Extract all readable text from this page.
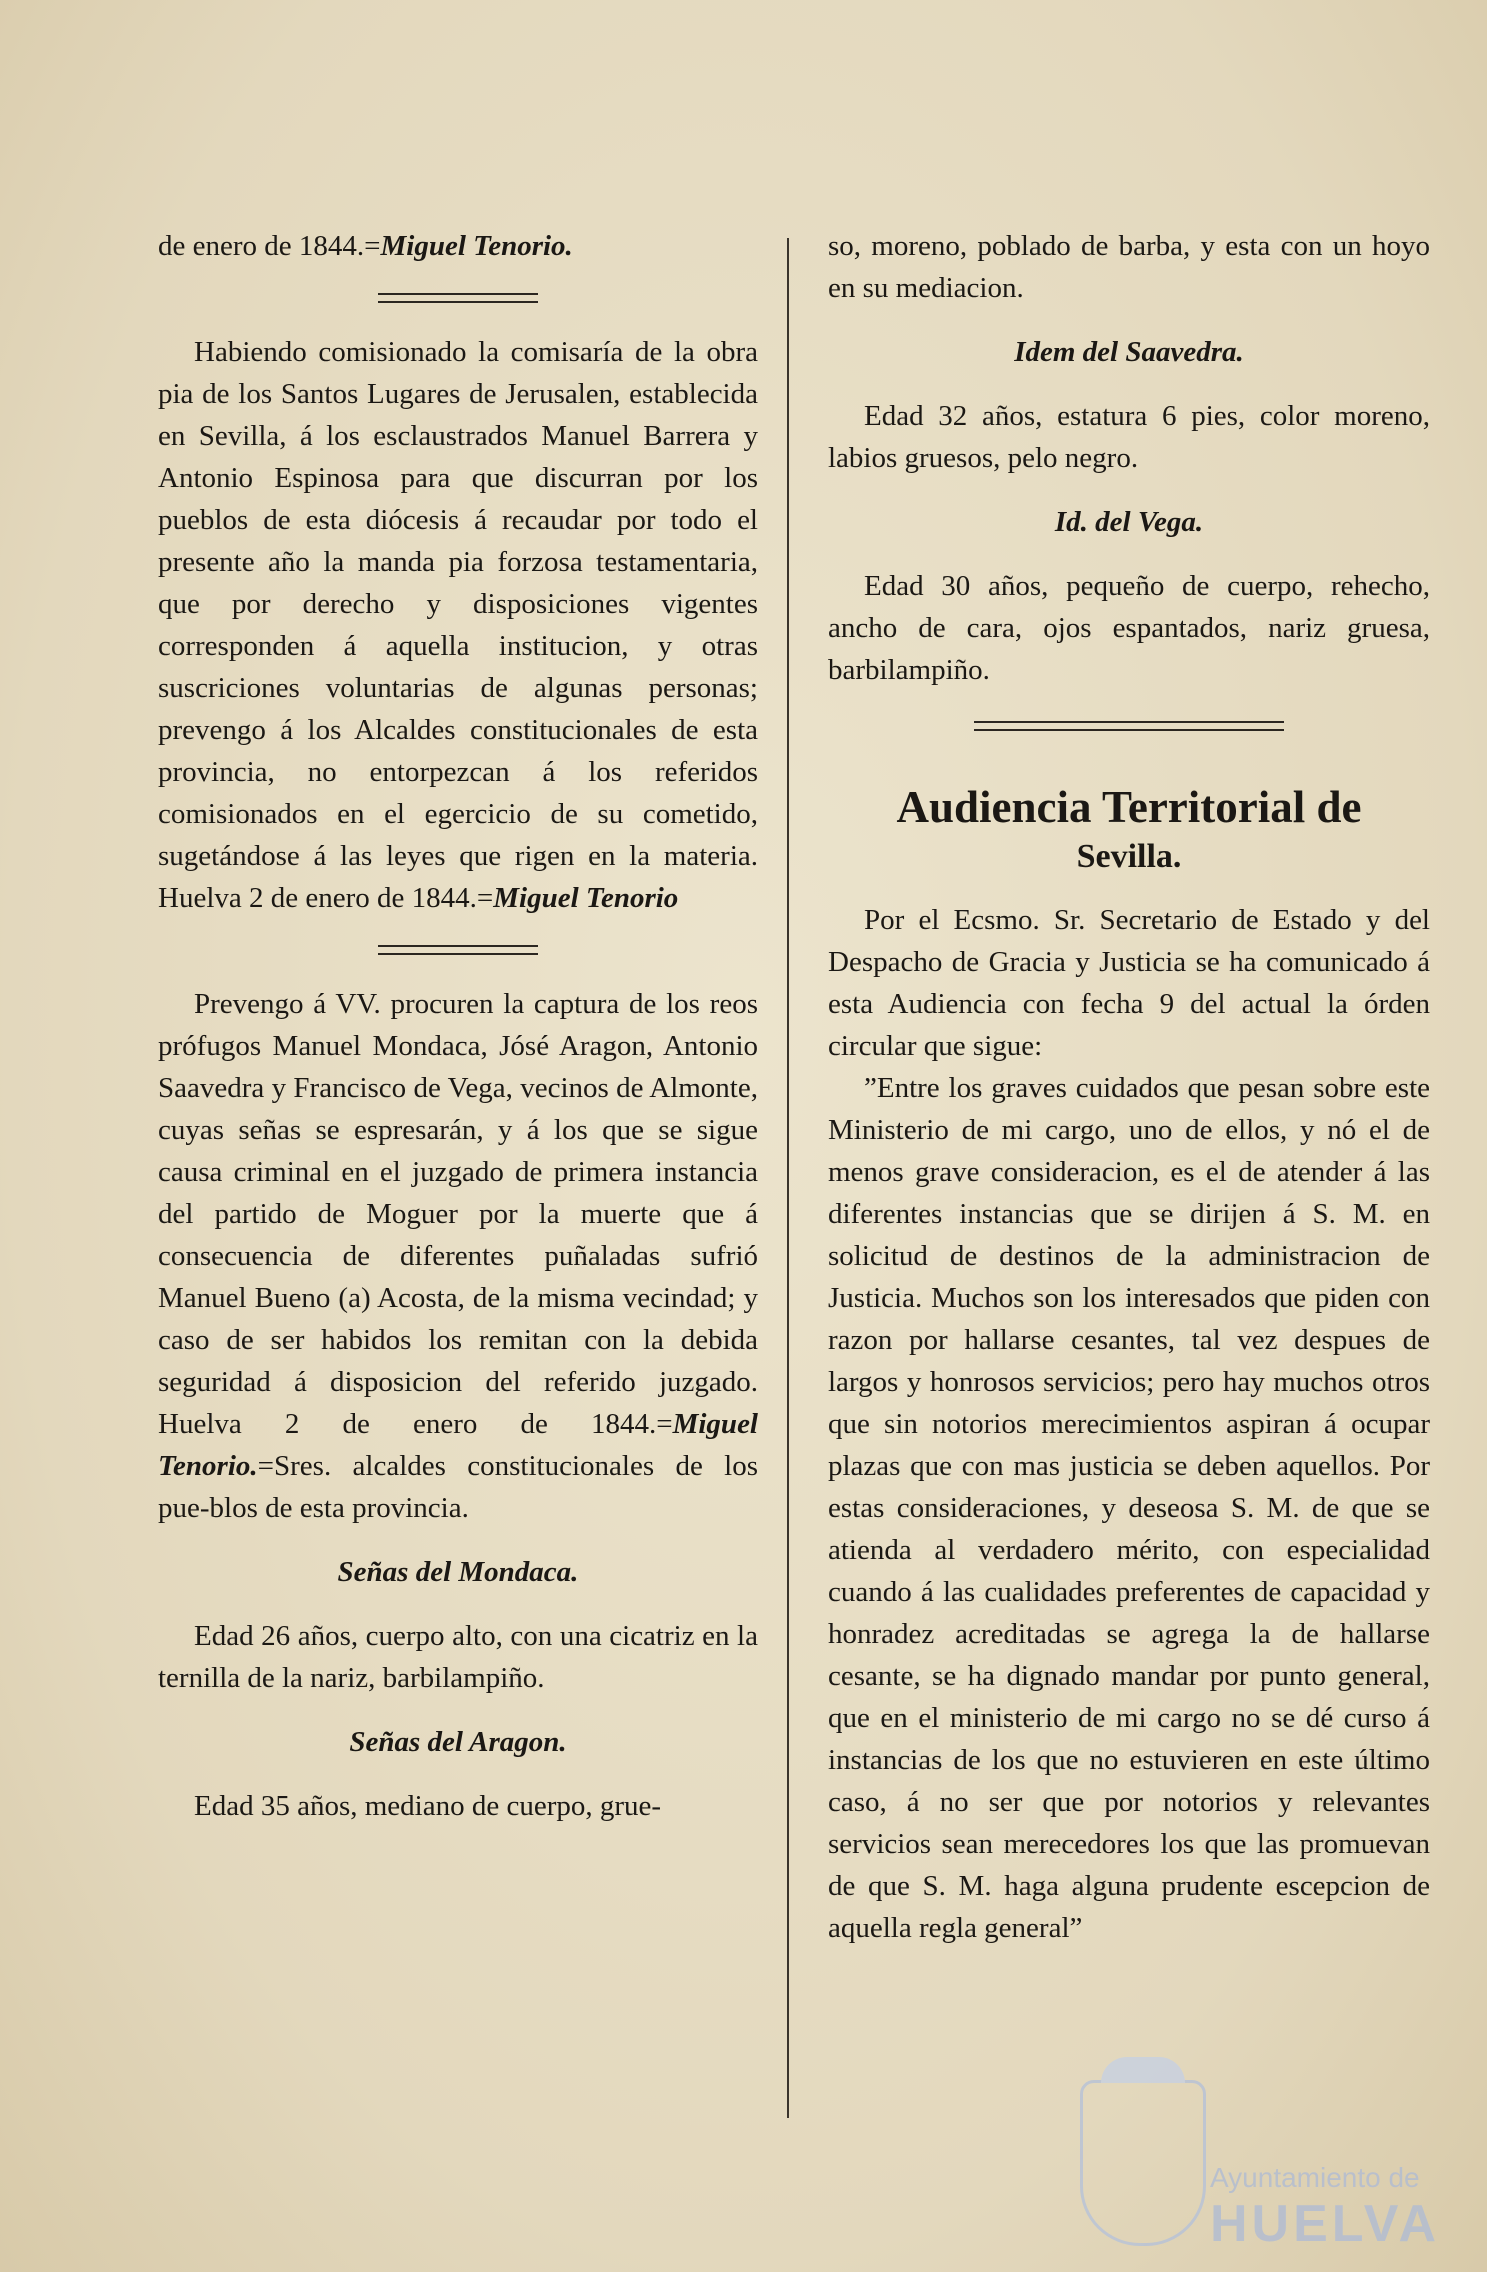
de enero de 1844.=Miguel Tenorio.

Habiendo comisionado la comisaría de la obra pia de los Santos Lugares de Jerusalen, establecida en Sevilla, á los esclaustrados Manuel Barrera y Antonio Espinosa para que discurran por los pueblos de esta diócesis á recaudar por todo el presente año la manda pia forzosa testamentaria, que por derecho y disposiciones vigentes corresponden á aquella institucion, y otras suscriciones voluntarias de algunas personas; prevengo á los Alcaldes constitucionales de esta provincia, no entorpezcan á los referidos comisionados en el egercicio de su cometido, sugetándose á las leyes que rigen en la materia. Huelva 2 de enero de 1844.=Miguel Tenorio

Prevengo á VV. procuren la captura de los reos prófugos Manuel Mondaca, Jósé Aragon, Antonio Saavedra y Francisco de Vega, vecinos de Almonte, cuyas señas se espresarán, y á los que se sigue causa criminal en el juzgado de primera instancia del partido de Moguer por la muerte que á consecuencia de diferentes puñaladas sufrió Manuel Bueno (a) Acosta, de la misma vecindad; y caso de ser habidos los remitan con la debida seguridad á disposicion del referido juzgado. Huelva 2 de enero de 1844.=Miguel Tenorio.=Sres. alcaldes constitucionales de los pue-blos de esta provincia.

Señas del Mondaca.

Edad 26 años, cuerpo alto, con una cicatriz en la ternilla de la nariz, barbilampiño.

Señas del Aragon.

Edad 35 años, mediano de cuerpo, grue-

so, moreno, poblado de barba, y esta con un hoyo en su mediacion.

Idem del Saavedra.

Edad 32 años, estatura 6 pies, color moreno, labios gruesos, pelo negro.

Id. del Vega.

Edad 30 años, pequeño de cuerpo, rehecho, ancho de cara, ojos espantados, nariz gruesa, barbilampiño.

Audiencia Territorial de
Sevilla.

Por el Ecsmo. Sr. Secretario de Estado y del Despacho de Gracia y Justicia se ha comunicado á esta Audiencia con fecha 9 del actual la órden circular que sigue:

”Entre los graves cuidados que pesan sobre este Ministerio de mi cargo, uno de ellos, y nó el de menos grave consideracion, es el de atender á las diferentes instancias que se dirijen á S. M. en solicitud de destinos de la administracion de Justicia. Muchos son los interesados que piden con razon por hallarse cesantes, tal vez despues de largos y honrosos servicios; pero hay muchos otros que sin notorios merecimientos aspiran á ocupar plazas que con mas justicia se deben aquellos. Por estas consideraciones, y deseosa S. M. de que se atienda al verdadero mérito, con especialidad cuando á las cualidades preferentes de capacidad y honradez acreditadas se agrega la de hallarse cesante, se ha dignado mandar por punto general, que en el ministerio de mi cargo no se dé curso á instancias de los que no estuvieren en este último caso, á no ser que por notorios y relevantes servicios sean merecedores los que las promuevan de que S. M. haga alguna prudente escepcion de aquella regla general”

Ayuntamiento de
HUELVA
